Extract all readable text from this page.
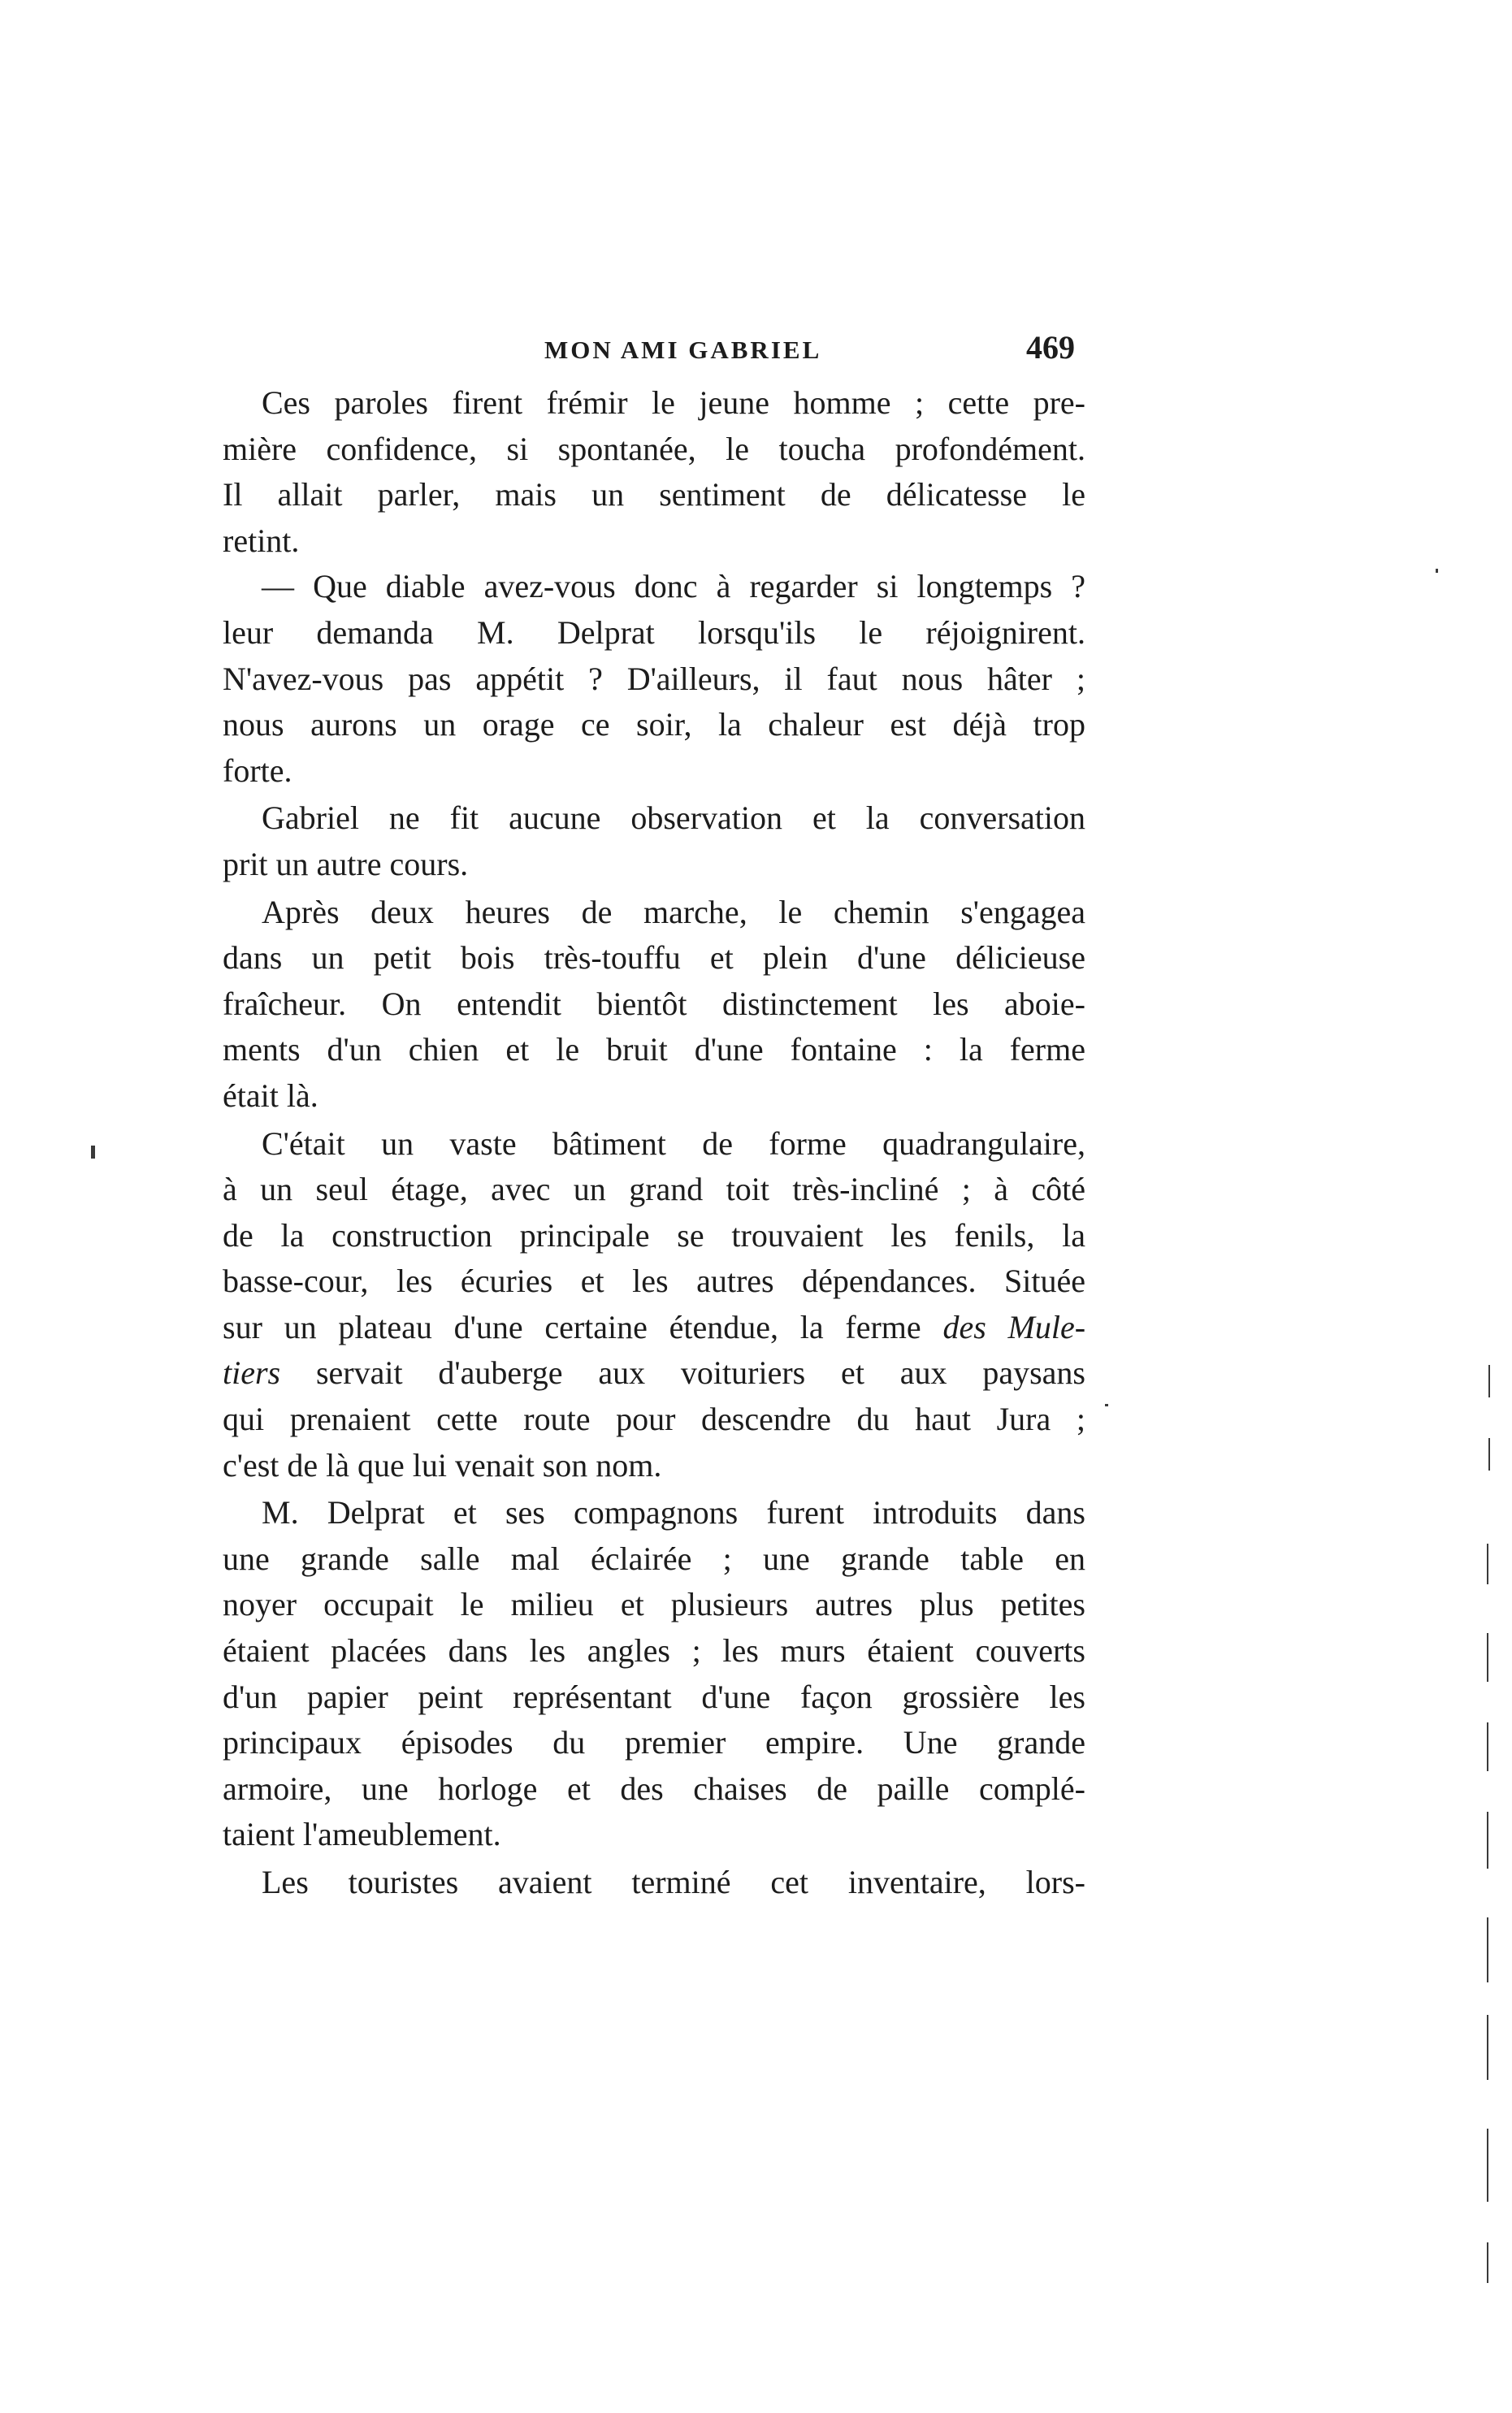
MON AMI GABRIEL	469
Ces paroles firent frémir le jeune homme ; cette pre-
mière confidence, si spontanée, le toucha profondément.
Il allait parler, mais un sentiment de délicatesse le
retint.
— Que diable avez-vous donc à regarder si longtemps ?
leur demanda M. Delprat lorsqu'ils le réjoignirent.
N'avez-vous pas appétit ? D'ailleurs, il faut nous hâter ;
nous aurons un orage ce soir, la chaleur est déjà trop
forte.
Gabriel ne fit aucune observation et la conversation
prit un autre cours.
Après deux heures de marche, le chemin s'engagea
dans un petit bois très-touffu et plein d'une délicieuse
fraîcheur. On entendit bientôt distinctement les aboie-
ments d'un chien et le bruit d'une fontaine : la ferme
était là.
C'était un vaste bâtiment de forme quadrangulaire,
à un seul étage, avec un grand toit très-incliné ; à côté
de la construction principale se trouvaient les fenils, la
basse-cour, les écuries et les autres dépendances. Située
sur un plateau d'une certaine étendue, la ferme des Mule-
tiers servait d'auberge aux voituriers et aux paysans
qui prenaient cette route pour descendre du haut Jura ;
c'est de là que lui venait son nom.
M. Delprat et ses compagnons furent introduits dans
une grande salle mal éclairée ; une grande table en
noyer occupait le milieu et plusieurs autres plus petites
étaient placées dans les angles ; les murs étaient couverts
d'un papier peint représentant d'une façon grossière les
principaux épisodes du premier empire. Une grande
armoire, une horloge et des chaises de paille complé-
taient l'ameublement.
Les touristes avaient terminé cet inventaire, lors-
